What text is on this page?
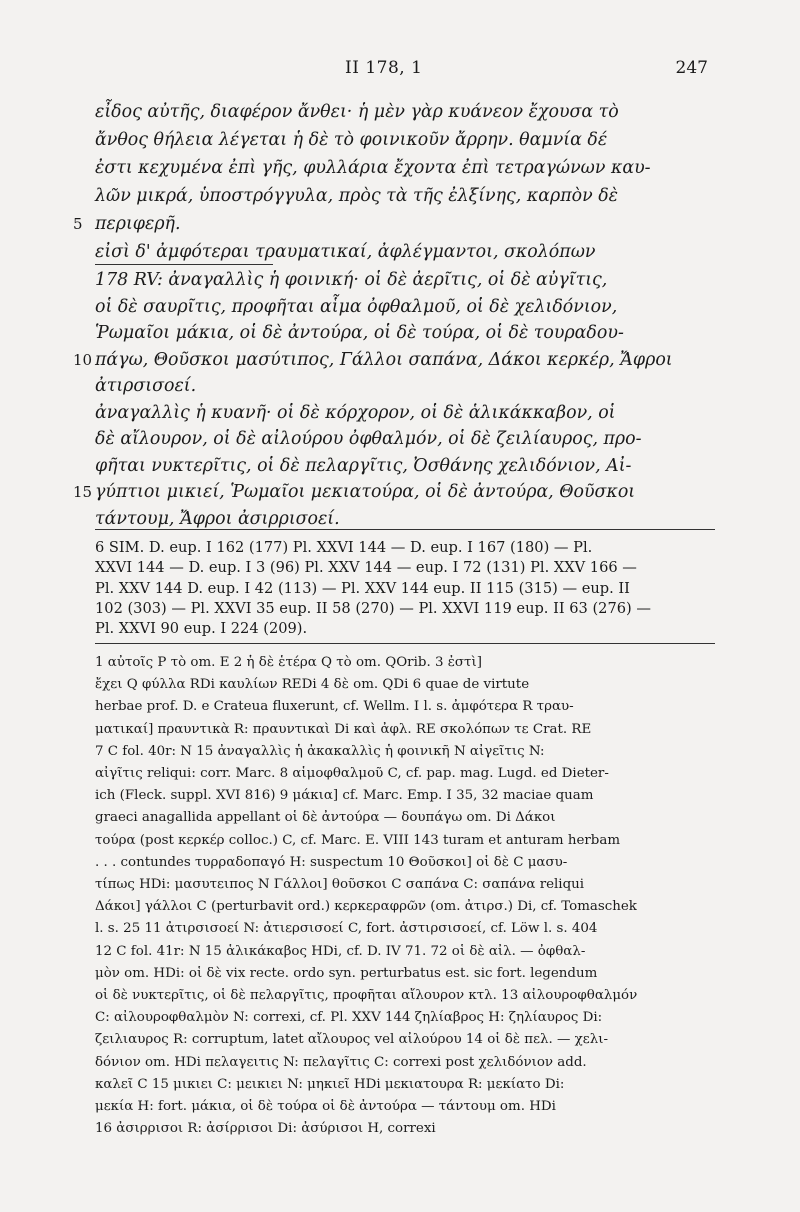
II 178, 1	247
εἶδος αὐτῆς, διαφέρον ἄνθει· ἡ μὲν γὰρ κυάνεον ἔχουσα τὸ
ἄνθος θήλεια λέγεται ἡ δὲ τὸ φοινικοῦν ἄρρην. θαμνία δέ
ἐστι κεχυμένα ἐπὶ γῆς, φυλλάρια ἔχοντα ἐπὶ τετραγώνων καυ-
λῶν μικρά, ὑποστρόγγυλα, πρὸς τὰ τῆς ἐλξίνης, καρπὸν δὲ
5 περιφερῆ.
εἰσὶ δ' ἀμφότεραι τραυματικαί, ἀφλέγμαντοι, σκολόπων
178 RV: ἀναγαλλὶς ἡ φοινική· οἱ δὲ ἀερῖτις, οἱ δὲ αὐγῖτις,
οἱ δὲ σαυρῖτις, προφῆται αἷμα ὀφθαλμοῦ, οἱ δὲ χελιδόνιον,
Ῥωμαῖοι μάκια, οἱ δὲ ἀντούρα, οἱ δὲ τούρα, οἱ δὲ τουραδου-
10 πάγω, Θοῦσκοι μασύτιπος, Γάλλοι σαπάνα, Δάκοι κερκέρ, Ἄφροι
ἀτιρσισοεί.
ἀναγαλλὶς ἡ κυανῆ· οἱ δὲ κόρχορον, οἱ δὲ ἁλικάκκαβον, οἱ
δὲ αἴλουρον, οἱ δὲ αἰλούρου ὀφθαλμόν, οἱ δὲ ζειλίαυρος, προ-
φῆται νυκτερῖτις, οἱ δὲ πελαργῖτις, Ὀσθάνης χελιδόνιον, Αἰ-
15 γύπτιοι μικιεί, Ῥωμαῖοι μεκιατούρα, οἱ δὲ ἀντούρα, Θοῦσκοι
τάντουμ, Ἄφροι ἀσιρρισοεί.
6 SIM. D. eup. I 162 (177) Pl. XXVI 144 — D. eup. I 167 (180) — Pl.
XXVI 144 — D. eup. I 3 (96) Pl. XXV 144 — eup. I 72 (131) Pl. XXV 166 —
Pl. XXV 144 D. eup. I 42 (113) — Pl. XXV 144 eup. II 115 (315) — eup. II
102 (303) — Pl. XXVI 35 eup. II 58 (270) — Pl. XXVI 119 eup. II 63 (276) —
Pl. XXVI 90 eup. I 224 (209).
1 αὐτοῖς P τὸ om. E 2 ἡ δὲ ἑτέρα Q τὸ om. QOrib. 3 ἐστὶ]
ἔχει Q φύλλα RDi καυλίων REDi 4 δὲ om. QDi 6 quae de virtute
herbae prof. D. e Crateua fluxerunt, cf. Wellm. I l. s. ἀμφότερα R τραυ-
ματικαί] πραυντικὰ R: πραυντικαὶ Di καὶ ἀφλ. RE σκολόπων τε Crat. RE
7 C fol. 40r: N 15 ἀναγαλλὶς ἡ ἀκακαλλὶς ἡ φοινικῆ N αἰγεῖτις N:
αἰγῖτις reliqui: corr. Marc. 8 αἱμοφθαλμοῦ C, cf. pap. mag. Lugd. ed Dieter-
ich (Fleck. suppl. XVI 816) 9 μάκια] cf. Marc. Emp. I 35, 32 maciae quam
graeci anagallida appellant οἱ δὲ ἀντούρα — δουπάγω om. Di Δάκοι
τούρα (post κερκέρ colloc.) C, cf. Marc. E. VIII 143 turam et anturam herbam
. . . contundes τυρραδοπαγό H: suspectum 10 Θοῦσκοι] οἱ δὲ C μασυ-
τίπως HDi: μασυτειπος N Γάλλοι] θοῦσκοι C σαπάνα C: σαπάνα reliqui
Δάκοι] γάλλοι C (perturbavit ord.) κερκεραφρῶν (om. ἀτιρσ.) Di, cf. Tomaschek
l. s. 25 11 ἀτιρσισοεί N: ἀτιερσισοεί C, fort. ἀστιρσισοεί, cf. Löw l. s. 404
12 C fol. 41r: N 15 ἁλικάκαβος HDi, cf. D. IV 71. 72 οἱ δὲ αἰλ. — ὀφθαλ-
μὸν om. HDi: οἱ δὲ vix recte. ordo syn. perturbatus est. sic fort. legendum
οἱ δὲ νυκτερῖτις, οἱ δὲ πελαργῖτις, προφῆται αἴλουρον κτλ. 13 αἰλουροφθαλμόν
C: αἰλουροφθαλμὸν N: correxi, cf. Pl. XXV 144 ζηλίαβρος H: ζηλίαυρος Di:
ζειλιαυρος R: corruptum, latet αἴλουρος vel αἰλούρου 14 οἱ δὲ πελ. — χελι-
δόνιον om. HDi πελαγειτις N: πελαγῖτις C: correxi post χελιδόνιον add.
καλεῖ C 15 μικιει C: μεικιει N: μηκιεῖ HDi μεκιατουρα R: μεκίατο Di:
μεκία H: fort. μάκια, οἱ δὲ τούρα οἱ δὲ ἀντούρα — τάντουμ om. HDi
16 ἀσιρρισοι R: ἀσίρρισοι Di: ἀσύρισοι H, correxi
